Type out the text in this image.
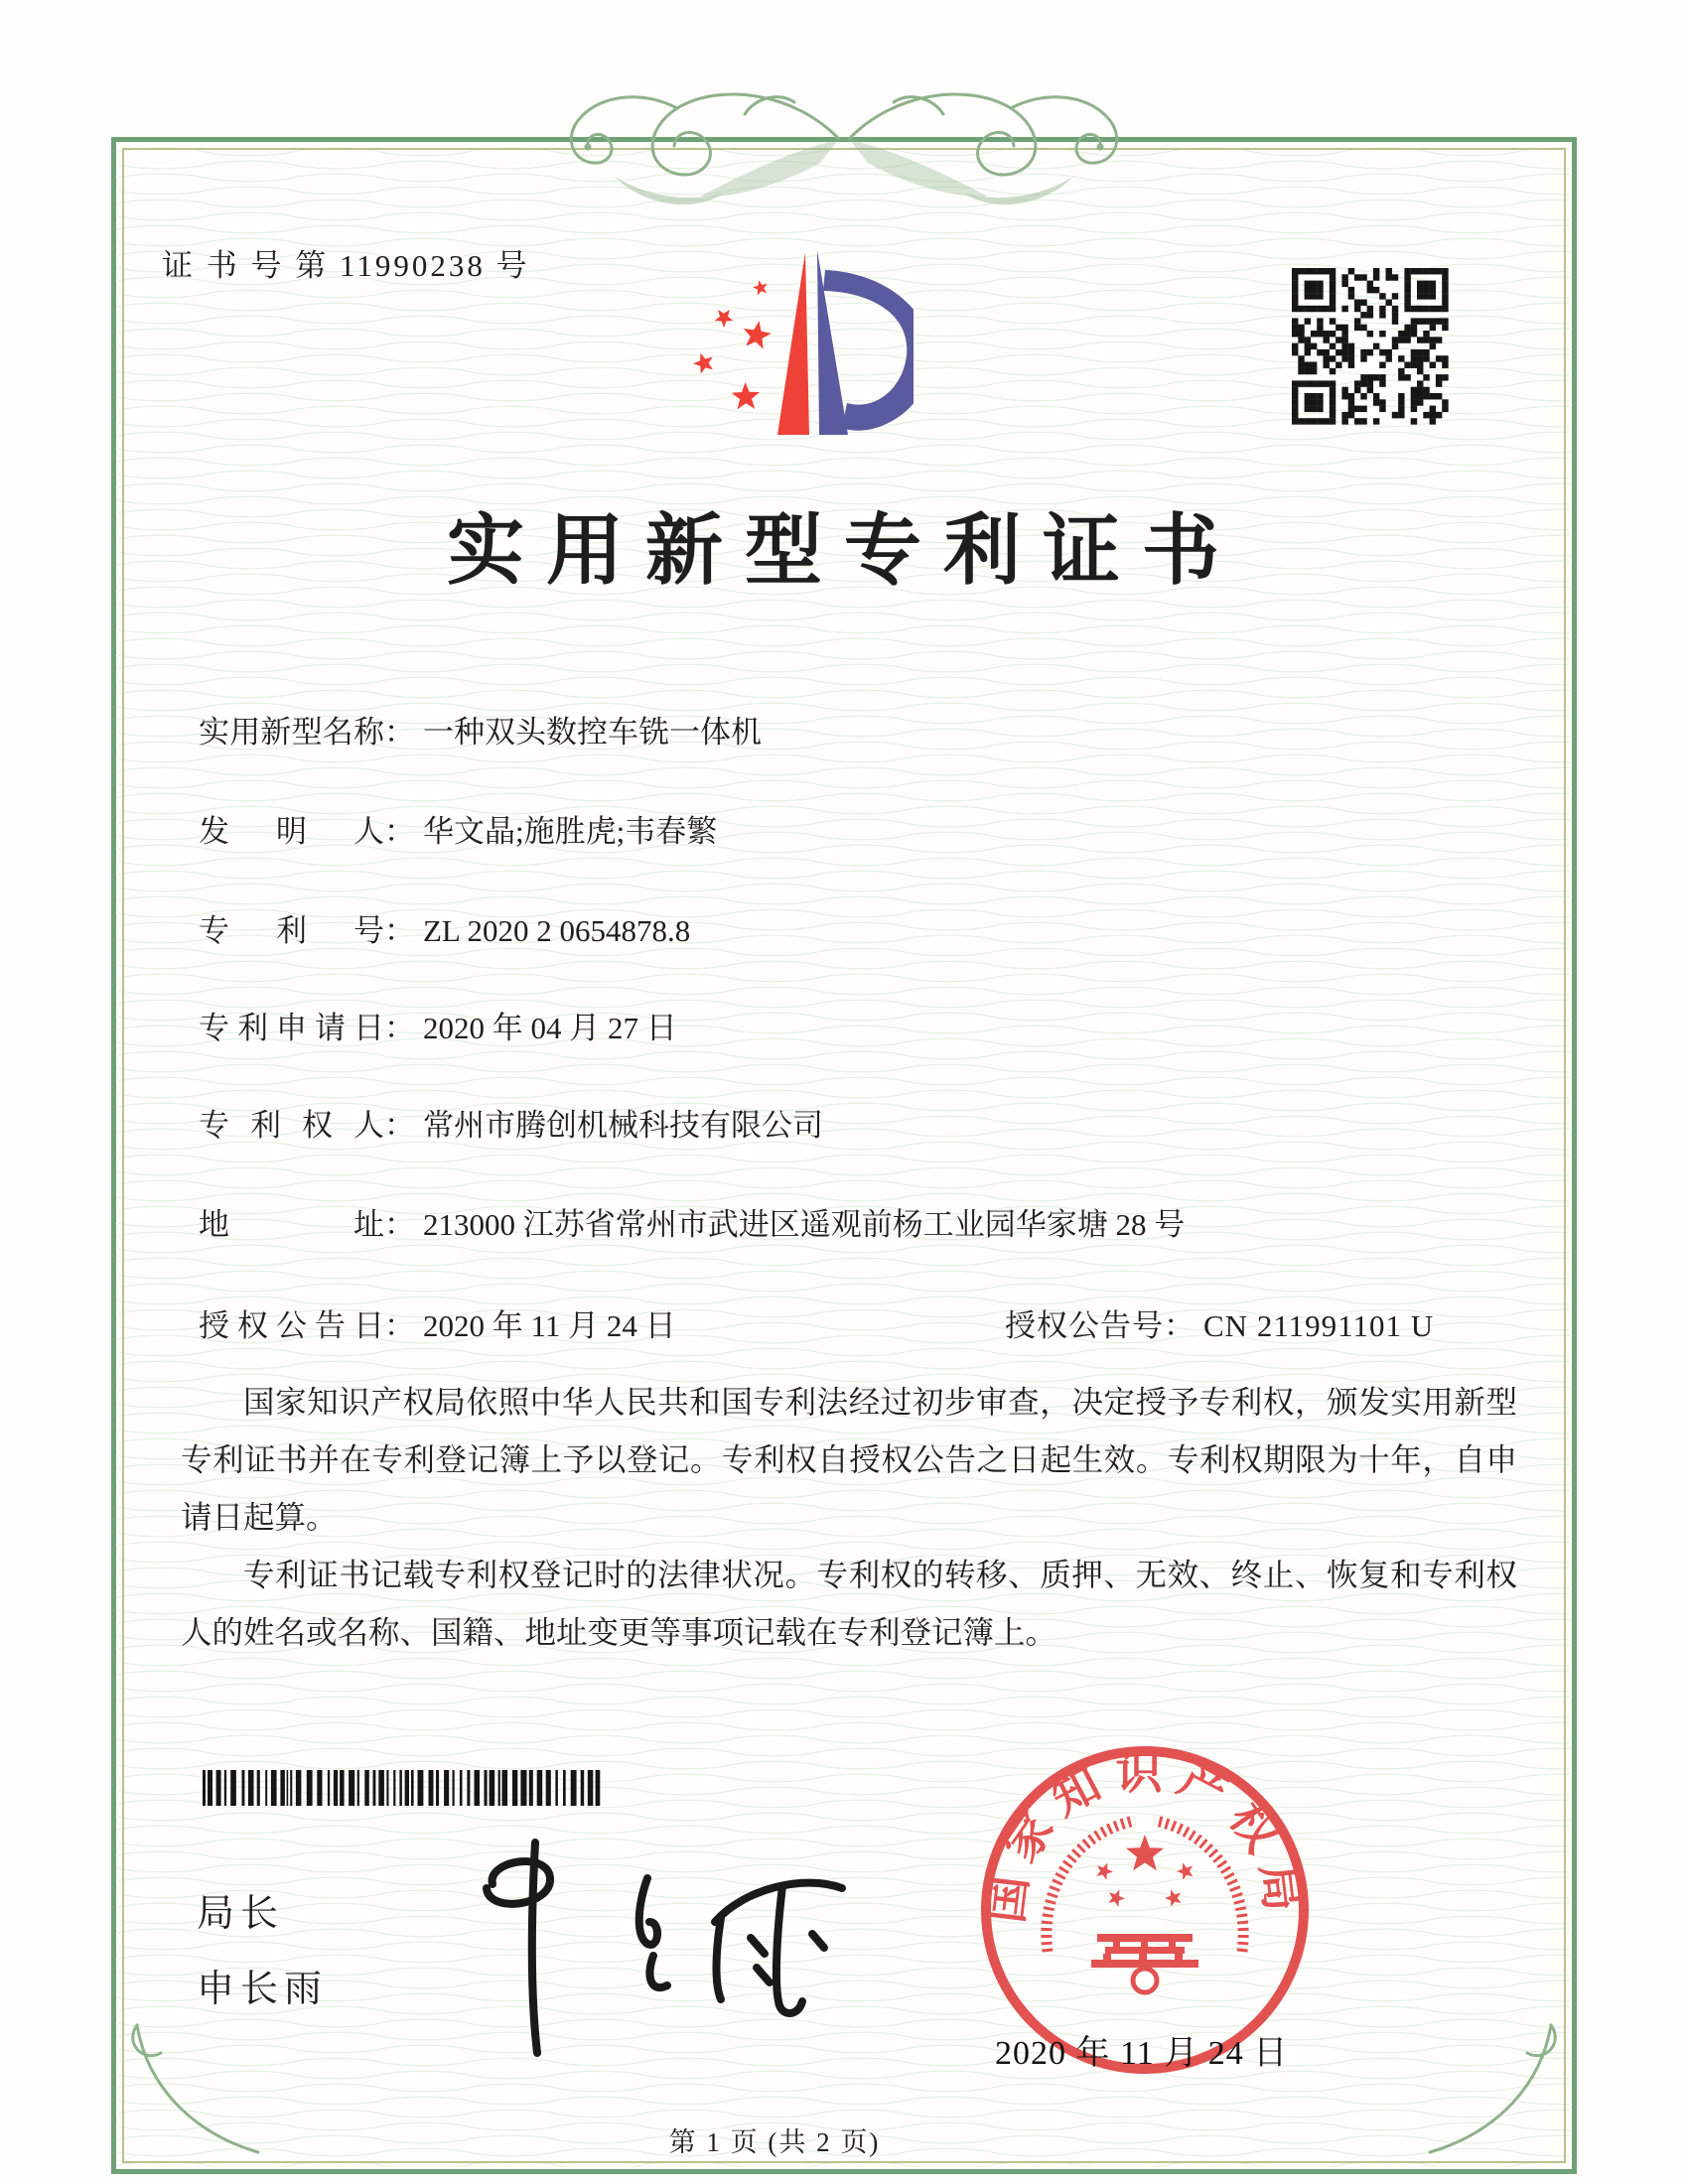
证 书 号 第 11990238 号
实用新型专利证书
实用新型名称： 一种双头数控车铣一体机
发明人： 华文晶;施胜虎;韦春繁
专利号： ZL 2020 2 0654878.8
专利申请日： 2020 年 04 月 27 日
专利权人： 常州市腾创机械科技有限公司
地址： 213000 江苏省常州市武进区遥观前杨工业园华家塘 28 号
授权公告日： 2020 年 11 月 24 日	授权公告号： CN 211991101 U

国家知识产权局依照中华人民共和国专利法经过初步审查，决定授予专利权，颁发实用新型专利证书并在专利登记簿上予以登记。专利权自授权公告之日起生效。专利权期限为十年，自申请日起算。

专利证书记载专利权登记时的法律状况。专利权的转移、质押、无效、终止、恢复和专利权人的姓名或名称、国籍、地址变更等事项记载在专利登记簿上。

局长
申长雨
国家知识产权局
2020 年 11 月 24 日
第 1 页 (共 2 页)
